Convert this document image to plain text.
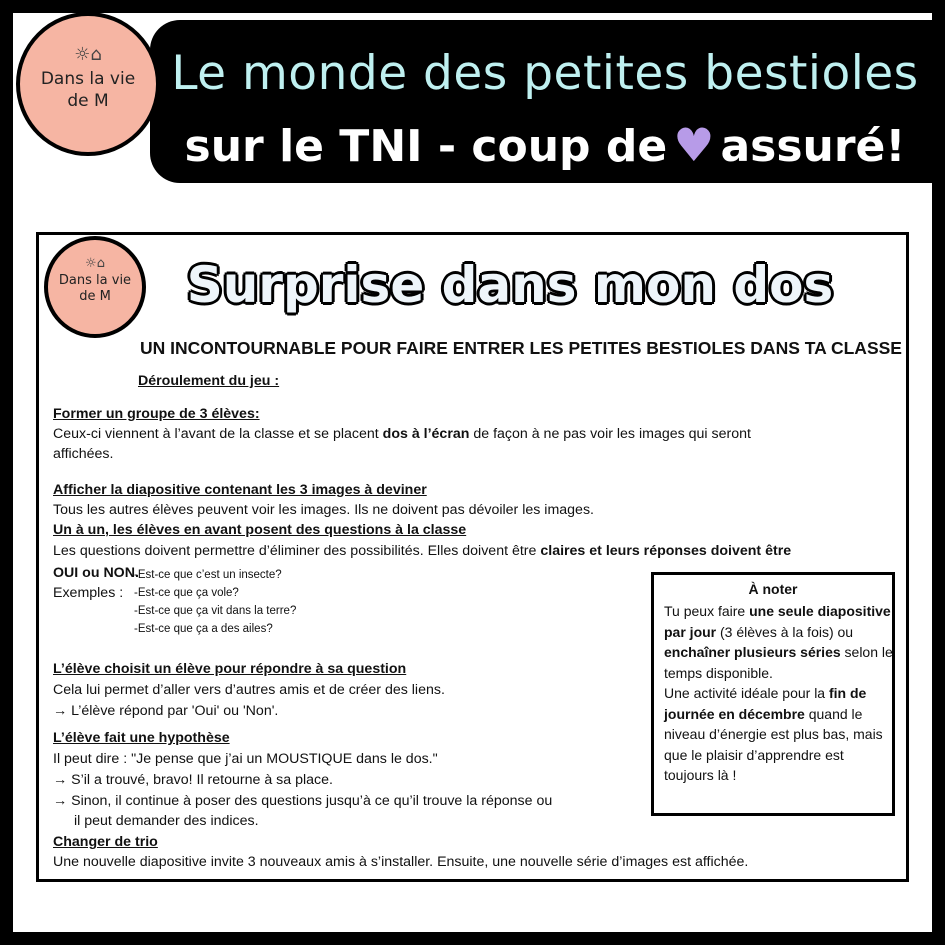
Le monde des petites bestioles
sur le TNI - coup de ♥ assuré!
☼⌂
Dans la vie
de M
☼⌂
Dans la vie
de M	Surprise dans mon dos
UN INCONTOURNABLE POUR FAIRE ENTRER LES PETITES BESTIOLES DANS TA CLASSE
Déroulement du jeu :
Former un groupe de 3 élèves:
Ceux-ci viennent à l’avant de la classe et se placent dos à l’écran de façon à ne pas voir les images qui seront
affichées.
Afficher la diapositive contenant les 3 images à deviner
Tous les autres élèves peuvent voir les images. Ils ne doivent pas dévoiler les images.
Un à un, les élèves en avant posent des questions à la classe
Les questions doivent permettre d’éliminer des possibilités. Elles doivent être claires et leurs réponses doivent être
OUI ou NON.
Exemples :
-Est-ce que c’est un insecte?
-Est-ce que ça vole?
-Est-ce que ça vit dans la terre?
-Est-ce que ça a des ailes?
L’élève choisit un élève pour répondre à sa question
Cela lui permet d’aller vers d’autres amis et de créer des liens.
→ L’élève répond par 'Oui' ou 'Non'.
L’élève fait une hypothèse
Il peut dire : "Je pense que j’ai un MOUSTIQUE dans le dos."
→ S’il a trouvé, bravo! Il retourne à sa place.
→ Sinon, il continue à poser des questions jusqu’à ce qu’il trouve la réponse ou
il peut demander des indices.
Changer de trio
Une nouvelle diapositive invite 3 nouveaux amis à s’installer. Ensuite, une nouvelle série d’images est affichée.
À noter
Tu peux faire une seule diapositive par jour (3 élèves à la fois) ou enchaîner plusieurs séries selon le temps disponible.
Une activité idéale pour la fin de journée en décembre quand le niveau d’énergie est plus bas, mais que le plaisir d’apprendre est toujours là !
